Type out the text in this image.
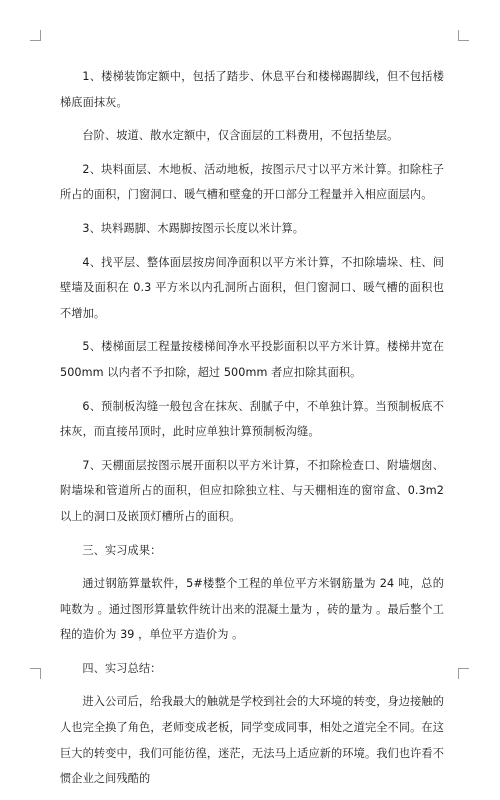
1、楼梯装饰定额中，包括了踏步、休息平台和楼梯踢脚线，但不包括楼梯底面抹灰。

台阶、坡道、散水定额中，仅含面层的工料费用，不包括垫层。

2、块料面层、木地板、活动地板，按图示尺寸以平方米计算。扣除柱子所占的面积，门窗洞口、暖气槽和壁龛的开口部分工程量并入相应面层内。

3、块料踢脚、木踢脚按图示长度以米计算。

4、找平层、整体面层按房间净面积以平方米计算，不扣除墙垛、柱、间壁墙及面积在 0.3 平方米以内孔洞所占面积，但门窗洞口、暖气槽的面积也不增加。

5、楼梯面层工程量按楼梯间净水平投影面积以平方米计算。楼梯井宽在 500mm 以内者不予扣除，超过 500mm 者应扣除其面积。

6、预制板沟缝一般包含在抹灰、刮腻子中，不单独计算。当预制板底不抹灰，而直接吊顶时，此时应单独计算预制板沟缝。

7、天棚面层按图示展开面积以平方米计算，不扣除检查口、附墙烟囱、附墙垛和管道所占的面积，但应扣除独立柱、与天棚相连的窗帘盒、0.3m2 以上的洞口及嵌顶灯槽所占的面积。

三、实习成果：

通过钢筋算量软件，5#楼整个工程的单位平方米钢筋量为 24 吨，总的吨数为 。通过图形算量软件统计出来的混凝土量为 ，砖的量为 。最后整个工程的造价为 39 ，单位平方造价为 。

四、实习总结：

进入公司后，给我最大的触就是学校到社会的大环境的转变，身边接触的人也完全换了角色，老师变成老板，同学变成同事，相处之道完全不同。在这巨大的转变中，我们可能彷徨，迷茫，无法马上适应新的环境。我们也许看不惯企业之间残酷的
